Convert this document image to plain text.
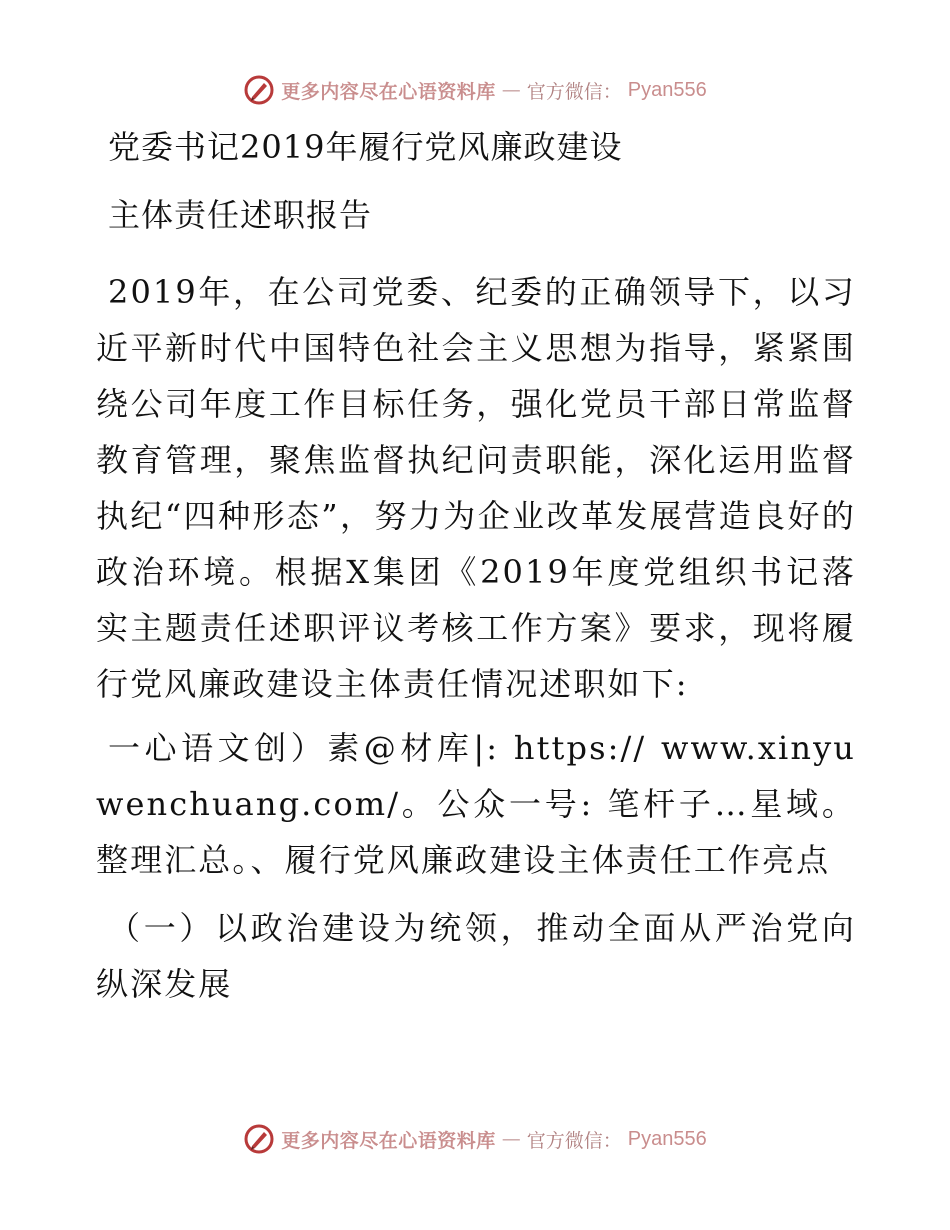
更多内容尽在心语资料库 — 官方微信： Pyan556

党委书记2019年履行党风廉政建设

主体责任述职报告

2019年，在公司党委、纪委的正确领导下，以习近平新时代中国特色社会主义思想为指导，紧紧围绕公司年度工作目标任务，强化党员干部日常监督教育管理，聚焦监督执纪问责职能，深化运用监督执纪“四种形态”，努力为企业改革发展营造良好的政治环境。根据X集团《2019年度党组织书记落实主题责任述职评议考核工作方案》要求，现将履行党风廉政建设主体责任情况述职如下:

一心语文创）素@材库|: https:// www.xinyuwenchuang.com/。公众一号: 笔杆子…星域。整理汇总。、履行党风廉政建设主体责任工作亮点

（一）以政治建设为统领，推动全面从严治党向纵深发展

更多内容尽在心语资料库 — 官方微信： Pyan556
